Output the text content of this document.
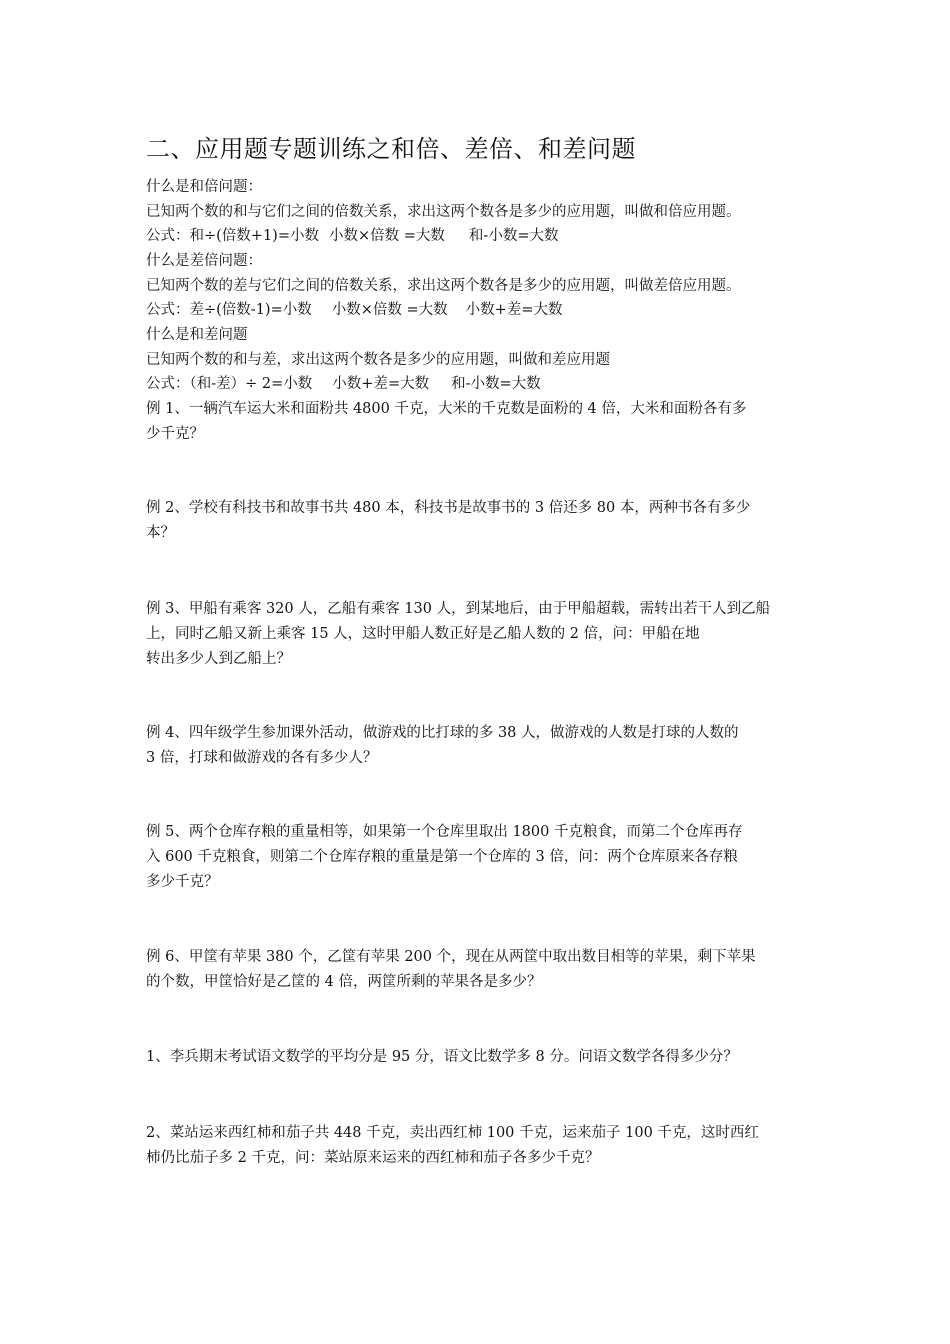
二、应用题专题训练之和倍、差倍、和差问题
什么是和倍问题：
已知两个数的和与它们之间的倍数关系，求出这两个数各是多少的应用题，叫做和倍应用题。
公式：和÷(倍数+1)=小数 小数×倍数 =大数 和-小数=大数
什么是差倍问题：
已知两个数的差与它们之间的倍数关系，求出这两个数各是多少的应用题，叫做差倍应用题。
公式：差÷(倍数-1)=小数 小数×倍数 =大数 小数+差=大数
什么是和差问题
已知两个数的和与差，求出这两个数各是多少的应用题，叫做和差应用题
公式：（和-差）÷ 2=小数 小数+差=大数 和-小数=大数
例 1、一辆汽车运大米和面粉共 4800 千克，大米的千克数是面粉的 4 倍，大米和面粉各有多
少千克？
例 2、学校有科技书和故事书共 480 本，科技书是故事书的 3 倍还多 80 本，两种书各有多少
本？
例 3、甲船有乘客 320 人，乙船有乘客 130 人，到某地后，由于甲船超载，需转出若干人到乙船
上，同时乙船又新上乘客 15 人，这时甲船人数正好是乙船人数的 2 倍，问：甲船在地
转出多少人到乙船上？
例 4、四年级学生参加课外活动，做游戏的比打球的多 38 人，做游戏的人数是打球的人数的
3 倍，打球和做游戏的各有多少人？
例 5、两个仓库存粮的重量相等，如果第一个仓库里取出 1800 千克粮食，而第二个仓库再存
入 600 千克粮食，则第二个仓库存粮的重量是第一个仓库的 3 倍，问：两个仓库原来各存粮
多少千克？
例 6、甲筐有苹果 380 个，乙筐有苹果 200 个，现在从两筐中取出数目相等的苹果，剩下苹果
的个数，甲筐恰好是乙筐的 4 倍，两筐所剩的苹果各是多少？
1、李兵期末考试语文数学的平均分是 95 分，语文比数学多 8 分。问语文数学各得多少分？
2、菜站运来西红柿和茄子共 448 千克，卖出西红柿 100 千克，运来茄子 100 千克，这时西红
柿仍比茄子多 2 千克，问：菜站原来运来的西红柿和茄子各多少千克？
